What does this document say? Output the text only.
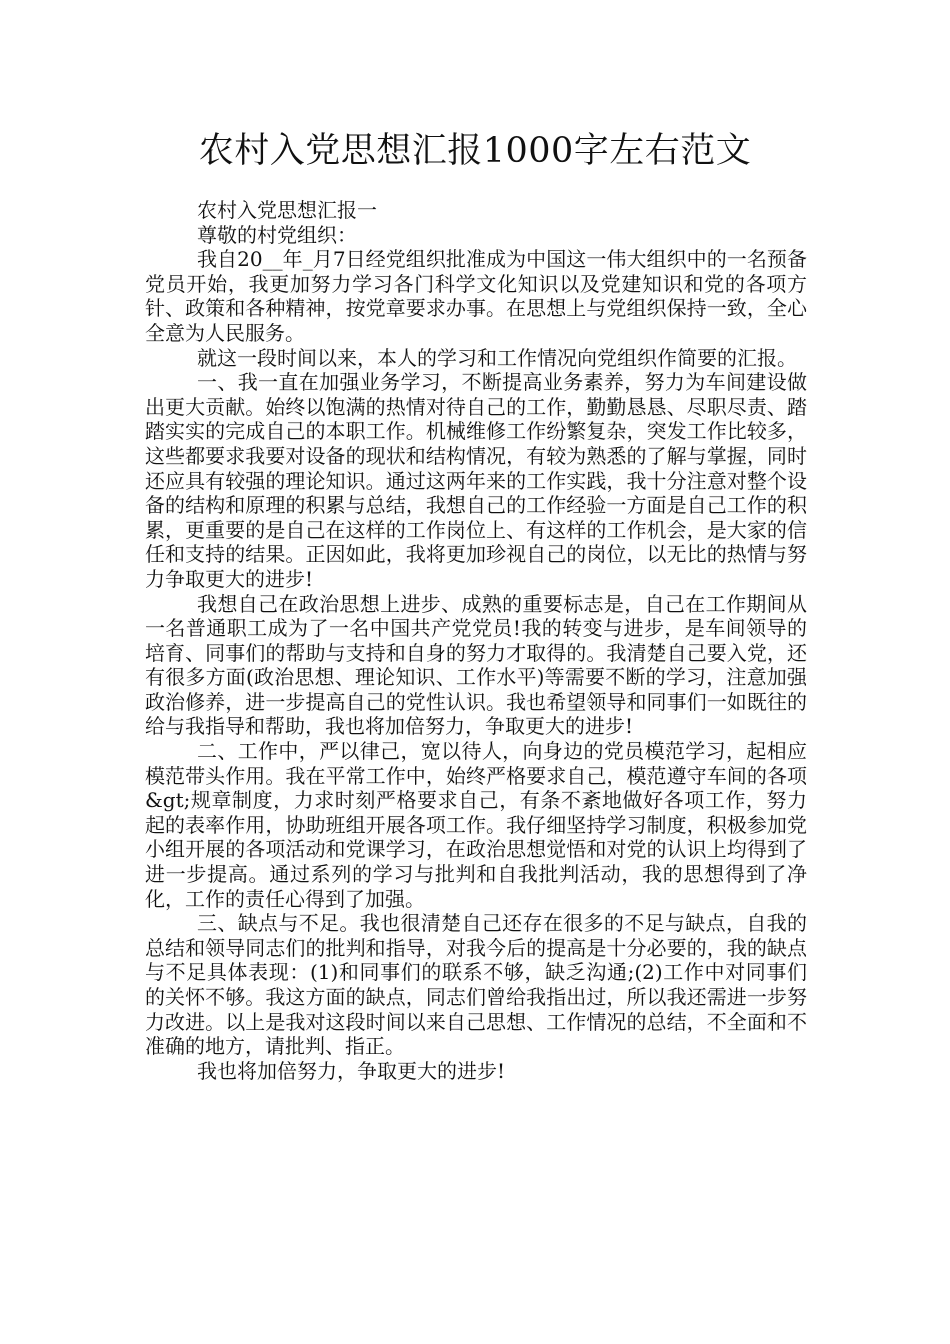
农村入党思想汇报1000字左右范文

农村入党思想汇报一

尊敬的村党组织：

我自20__年_月7日经党组织批准成为中国这一伟大组织中的一名预备党员开始，我更加努力学习各门科学文化知识以及党建知识和党的各项方针、政策和各种精神，按党章要求办事。在思想上与党组织保持一致，全心全意为人民服务。

就这一段时间以来，本人的学习和工作情况向党组织作简要的汇报。

一、我一直在加强业务学习，不断提高业务素养，努力为车间建设做出更大贡献。始终以饱满的热情对待自己的工作，勤勤恳恳、尽职尽责、踏踏实实的完成自己的本职工作。机械维修工作纷繁复杂，突发工作比较多，这些都要求我要对设备的现状和结构情况，有较为熟悉的了解与掌握，同时还应具有较强的理论知识。通过这两年来的工作实践，我十分注意对整个设备的结构和原理的积累与总结，我想自己的工作经验一方面是自己工作的积累，更重要的是自己在这样的工作岗位上、有这样的工作机会，是大家的信任和支持的结果。正因如此，我将更加珍视自己的岗位，以无比的热情与努力争取更大的进步!

我想自己在政治思想上进步、成熟的重要标志是，自己在工作期间从一名普通职工成为了一名中国共产党党员!我的转变与进步，是车间领导的培育、同事们的帮助与支持和自身的努力才取得的。我清楚自己要入党，还有很多方面(政治思想、理论知识、工作水平)等需要不断的学习，注意加强政治修养，进一步提高自己的党性认识。我也希望领导和同事们一如既往的给与我指导和帮助，我也将加倍努力，争取更大的进步!

二、工作中，严以律己，宽以待人，向身边的党员模范学习，起相应模范带头作用。我在平常工作中，始终严格要求自己，模范遵守车间的各项&gt;规章制度，力求时刻严格要求自己，有条不紊地做好各项工作，努力起的表率作用，协助班组开展各项工作。我仔细坚持学习制度，积极参加党小组开展的各项活动和党课学习，在政治思想觉悟和对党的认识上均得到了进一步提高。通过系列的学习与批判和自我批判活动，我的思想得到了净化，工作的责任心得到了加强。

三、缺点与不足。我也很清楚自己还存在很多的不足与缺点，自我的总结和领导同志们的批判和指导，对我今后的提高是十分必要的，我的缺点与不足具体表现：(1)和同事们的联系不够，缺乏沟通;(2)工作中对同事们的关怀不够。我这方面的缺点，同志们曾给我指出过，所以我还需进一步努力改进。以上是我对这段时间以来自己思想、工作情况的总结，不全面和不准确的地方，请批判、指正。

我也将加倍努力，争取更大的进步!
